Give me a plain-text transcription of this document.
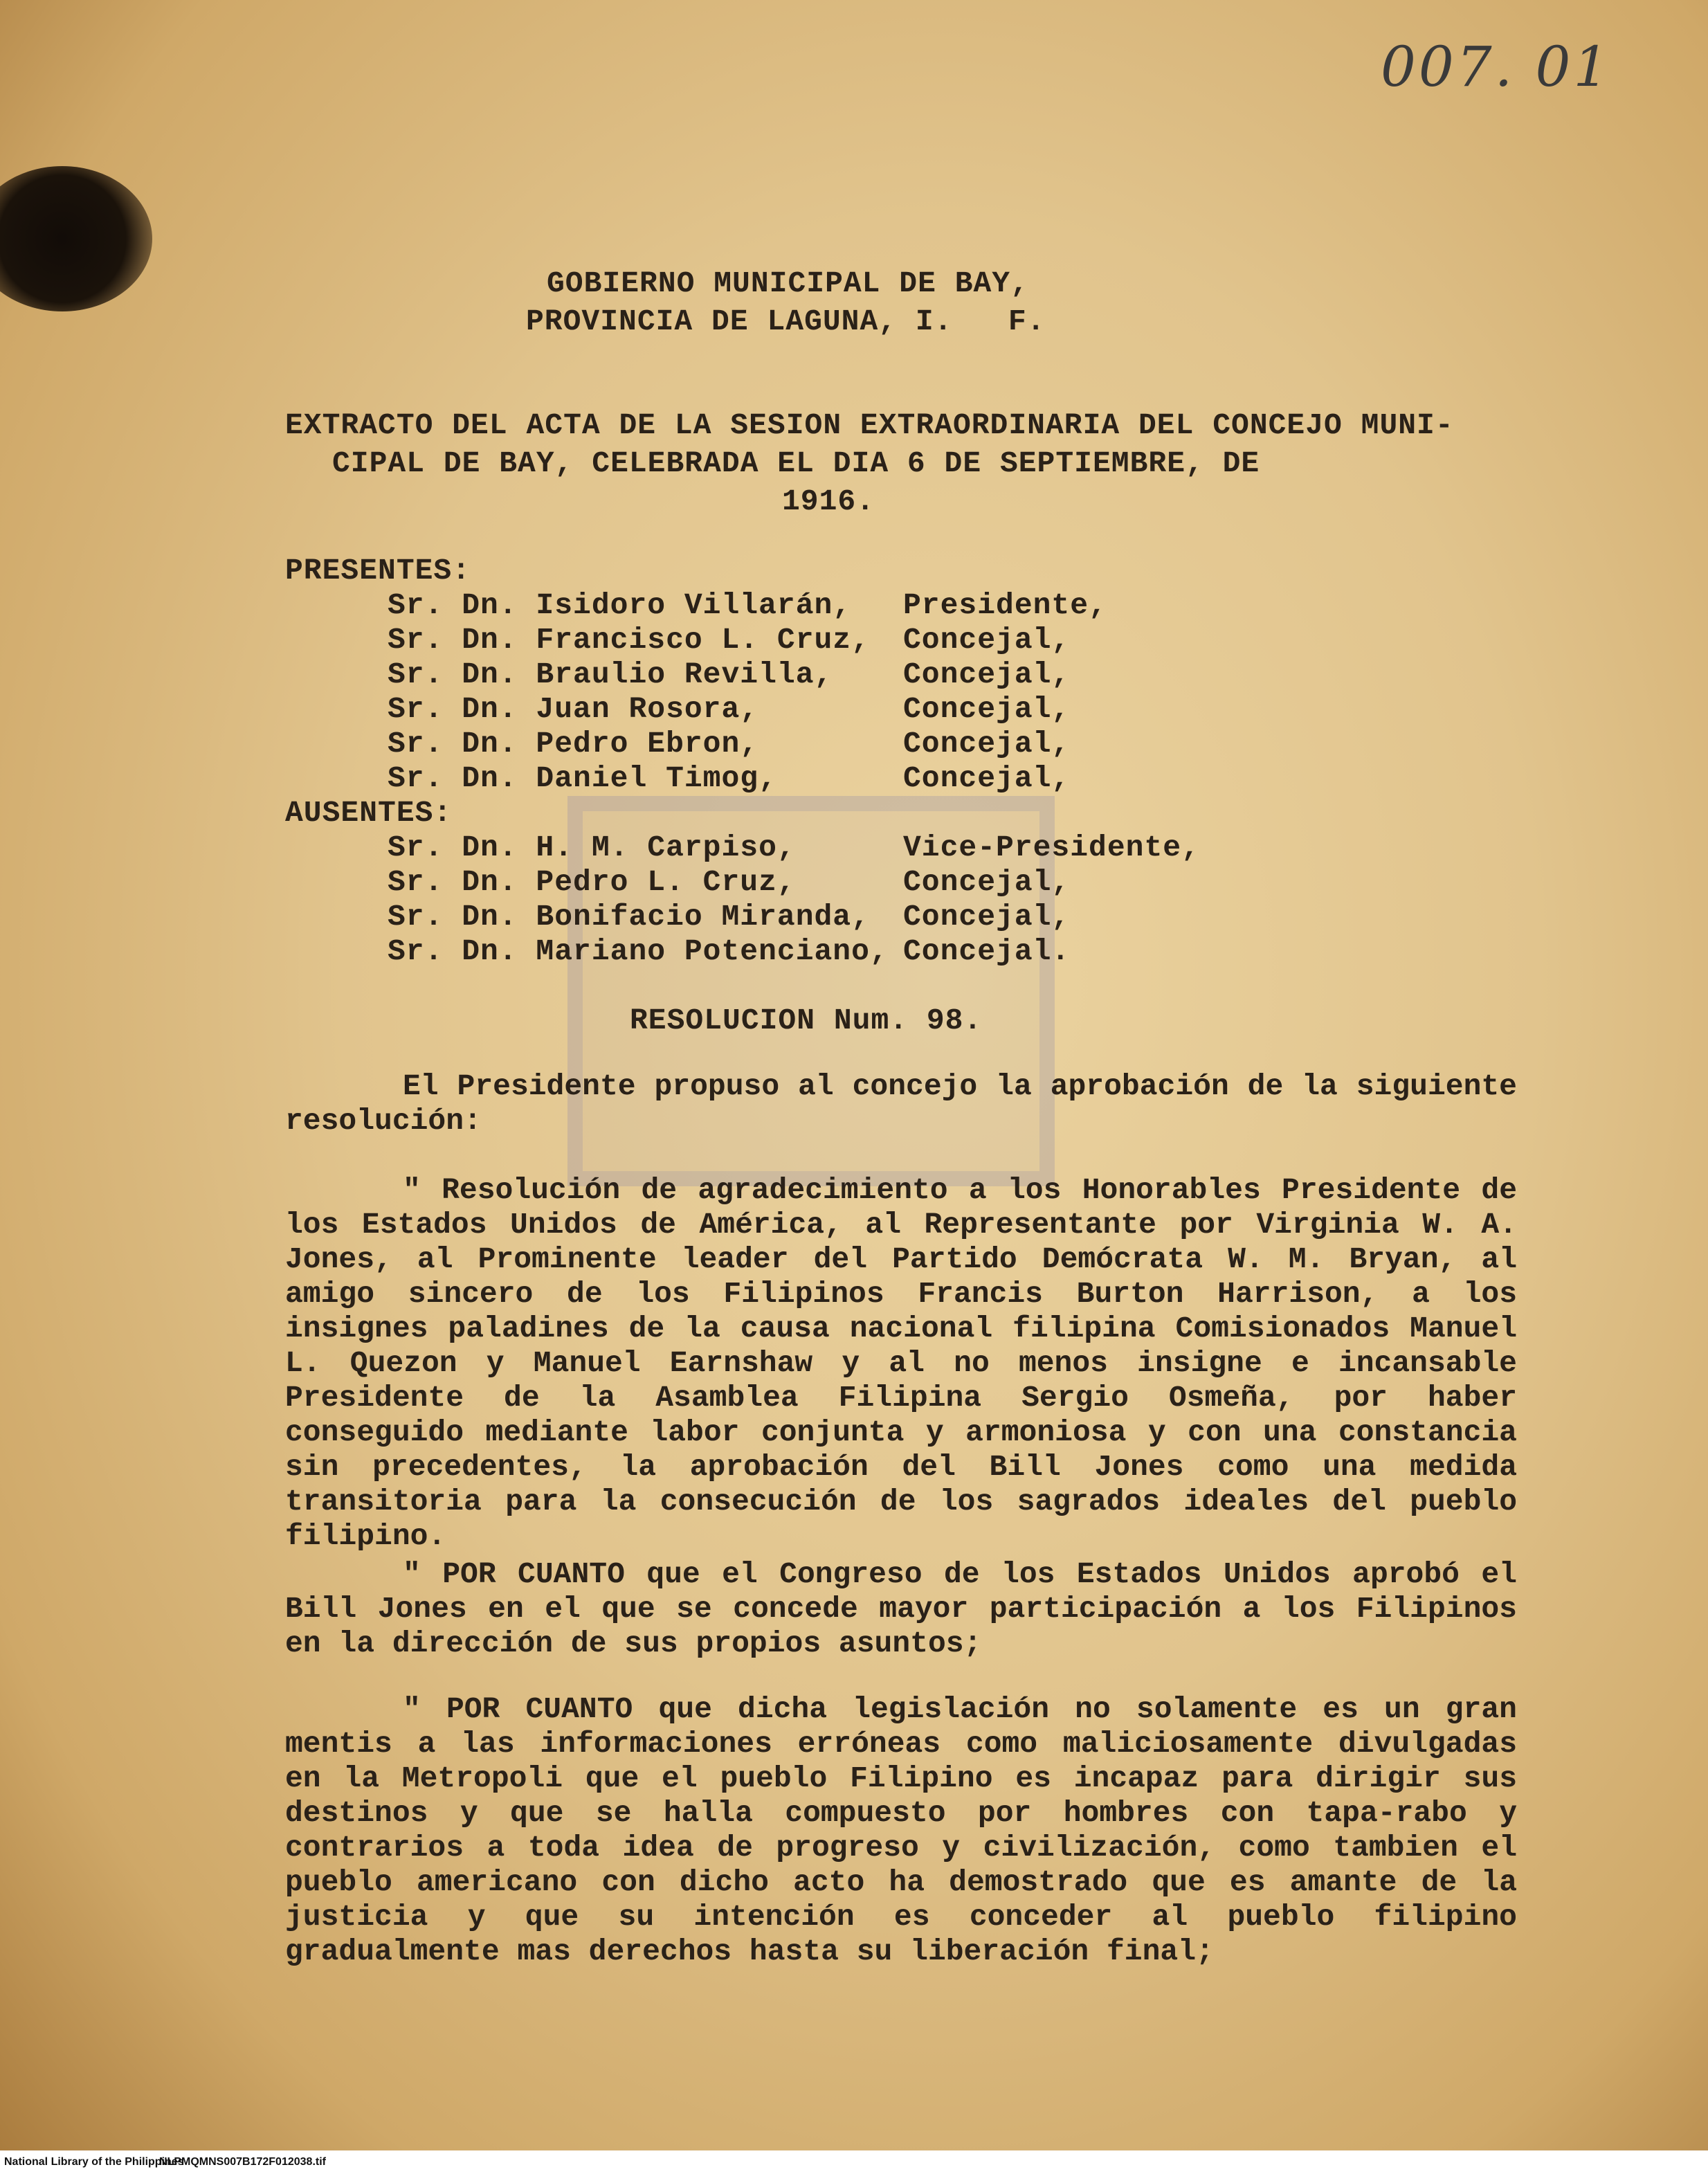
007. 01
GOBIERNO MUNICIPAL DE BAY,
PROVINCIA DE LAGUNA, I.   F.
EXTRACTO DEL ACTA DE LA SESION EXTRAORDINARIA DEL CONCEJO MUNI-
CIPAL DE BAY, CELEBRADA EL DIA 6 DE SEPTIEMBRE, DE
1916.
PRESENTES:
Sr. Dn. Isidoro Villarán, Presidente,
Sr. Dn. Francisco L. Cruz, Concejal,
Sr. Dn. Braulio Revilla, Concejal,
Sr. Dn. Juan Rosora,	Concejal,
Sr. Dn. Pedro Ebron,	Concejal,
Sr. Dn. Daniel Timog,	Concejal,
AUSENTES:
Sr. Dn. H. M. Carpiso,	Vice-Presidente,
Sr. Dn. Pedro L. Cruz,	Concejal,
Sr. Dn. Bonifacio Miranda, Concejal,
Sr. Dn. Mariano Potenciano, Concejal.
RESOLUCION Num. 98.
El Presidente propuso al concejo la aprobación de la siguiente resolución:
" Resolución de agradecimiento a los Honorables Presidente de los Estados Unidos de América, al Representante por Virginia W. A. Jones, al Prominente leader del Partido Demócrata W. M. Bryan, al amigo sincero de los Filipinos Francis Burton Harrison, a los insignes paladines de la causa nacional filipina Comisionados Manuel L. Quezon y Manuel Earnshaw y al no menos insigne e incansable Presidente de la Asamblea Filipina Sergio Osmeña, por haber conseguido mediante labor conjunta y armoniosa y con una constancia sin precedentes, la aprobación del Bill Jones como una medida transitoria para la consecución de los sagrados ideales del pueblo filipino.
" POR CUANTO que el Congreso de los Estados Unidos aprobó el Bill Jones en el que se concede mayor participación a los Filipinos en la dirección de sus propios asuntos;
" POR CUANTO que dicha legislación no solamente es un gran mentis a las informaciones erróneas como maliciosamente divulgadas en la Metropoli que el pueblo Filipino es incapaz para dirigir sus destinos y que se halla compuesto por hombres con tapa-rabo y contrarios a toda idea de progreso y civilización, como tambien el pueblo americano con dicho acto ha demostrado que es amante de la justicia y que su intención es conceder al pueblo filipino gradualmente mas derechos hasta su liberación final;
National Library of the Philippines
NLPMQMNS007B172F012038.tif
